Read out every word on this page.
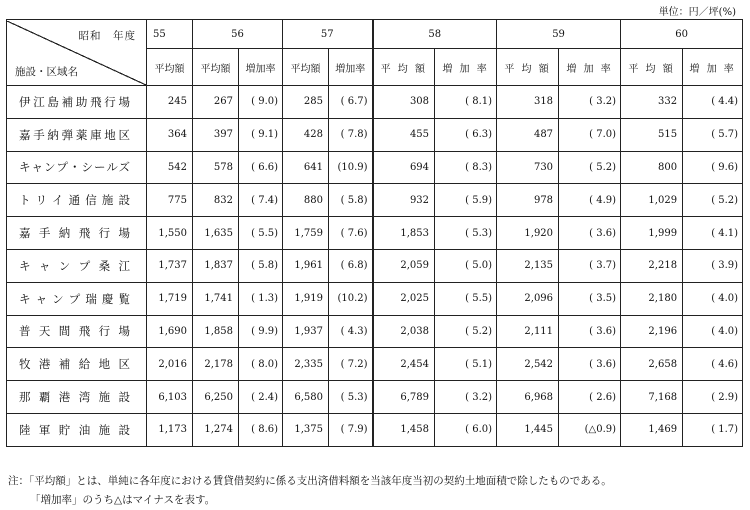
単位：円／坪(%)
昭和　年度
施設・区域名	55	56		57		58		59		60	
	平均額	平均額	増加率	平均額	増加率	平 均 額	増 加 率	平 均 額	増 加 率	平 均 額	増 加 率
伊江島補助飛行場	245	267	( 9.0)	285	( 6.7)	308	( 8.1)	318	( 3.2)	332	( 4.4)
嘉手納弾薬庫地区	364	397	( 9.1)	428	( 7.8)	455	( 6.3)	487	( 7.0)	515	( 5.7)
キャンプ・シールズ	542	578	( 6.6)	641	(10.9)	694	( 8.3)	730	( 5.2)	800	( 9.6)
トリイ通信施設	775	832	( 7.4)	880	( 5.8)	932	( 5.9)	978	( 4.9)	1,029	( 5.2)
嘉手納飛行場	1,550	1,635	( 5.5)	1,759	( 7.6)	1,853	( 5.3)	1,920	( 3.6)	1,999	( 4.1)
キャンプ桑江	1,737	1,837	( 5.8)	1,961	( 6.8)	2,059	( 5.0)	2,135	( 3.7)	2,218	( 3.9)
キャンプ瑞慶覧	1,719	1,741	( 1.3)	1,919	(10.2)	2,025	( 5.5)	2,096	( 3.5)	2,180	( 4.0)
普天間飛行場	1,690	1,858	( 9.9)	1,937	( 4.3)	2,038	( 5.2)	2,111	( 3.6)	2,196	( 4.0)
牧港補給地区	2,016	2,178	( 8.0)	2,335	( 7.2)	2,454	( 5.1)	2,542	( 3.6)	2,658	( 4.6)
那覇港湾施設	6,103	6,250	( 2.4)	6,580	( 5.3)	6,789	( 3.2)	6,968	( 2.6)	7,168	( 2.9)
陸軍貯油施設	1,173	1,274	( 8.6)	1,375	( 7.9)	1,458	( 6.0)	1,445	(△0.9)	1,469	( 1.7)
注：「平均額」とは、単純に各年度における賃貸借契約に係る支出済借料額を当該年度当初の契約土地面積で除したものである。
「増加率」のうち△はマイナスを表す。
